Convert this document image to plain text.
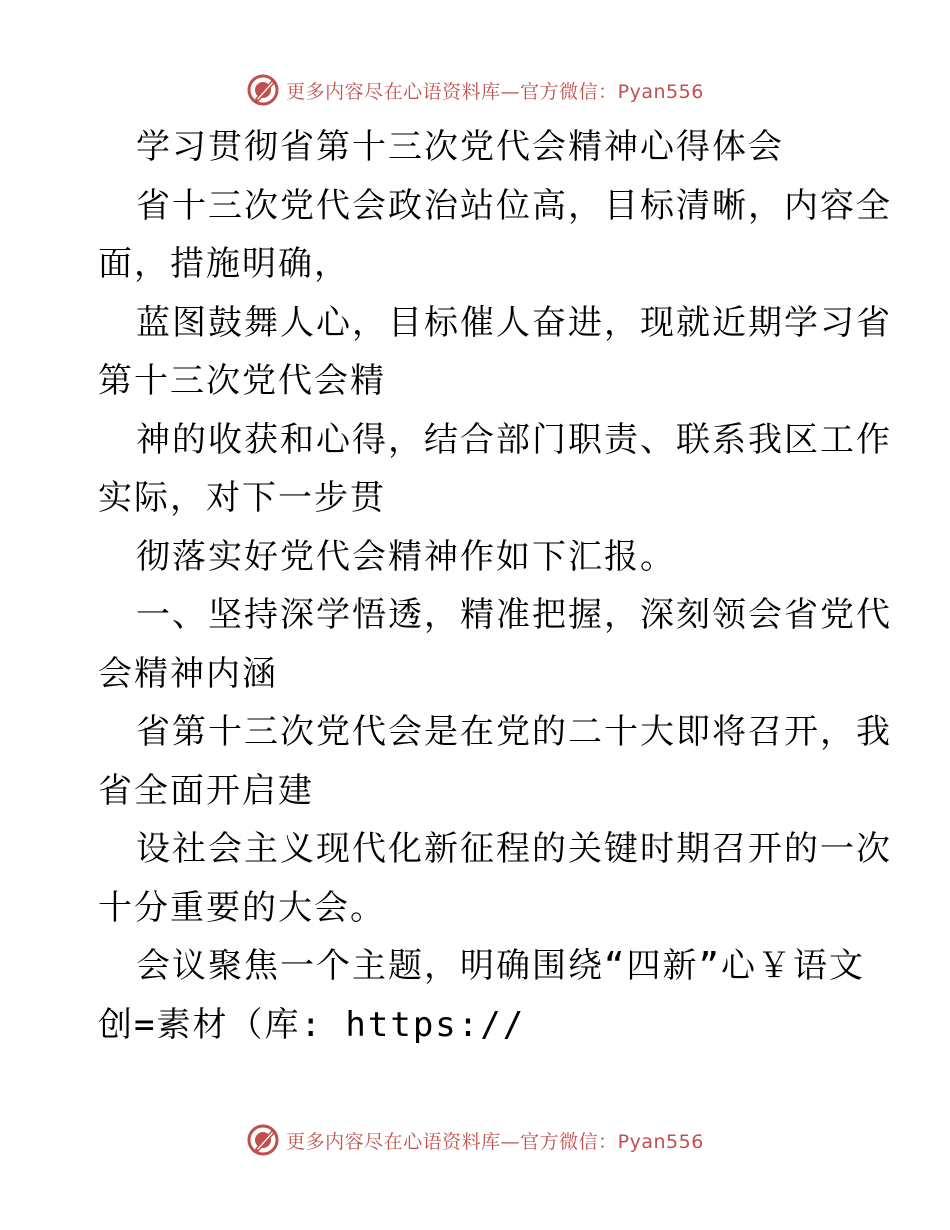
更多内容尽在心语资料库—官方微信：Pyan556
学习贯彻省第十三次党代会精神心得体会
省十三次党代会政治站位高，目标清晰，内容全
面，措施明确，
蓝图鼓舞人心，目标催人奋进，现就近期学习省
第十三次党代会精
神的收获和心得，结合部门职责、联系我区工作
实际，对下一步贯
彻落实好党代会精神作如下汇报。
一、坚持深学悟透，精准把握，深刻领会省党代
会精神内涵
省第十三次党代会是在党的二十大即将召开，我
省全面开启建
设社会主义现代化新征程的关键时期召开的一次
十分重要的大会。
会议聚焦一个主题，明确围绕“四新”心￥语文
创=素材（库: https://
更多内容尽在心语资料库—官方微信：Pyan556
